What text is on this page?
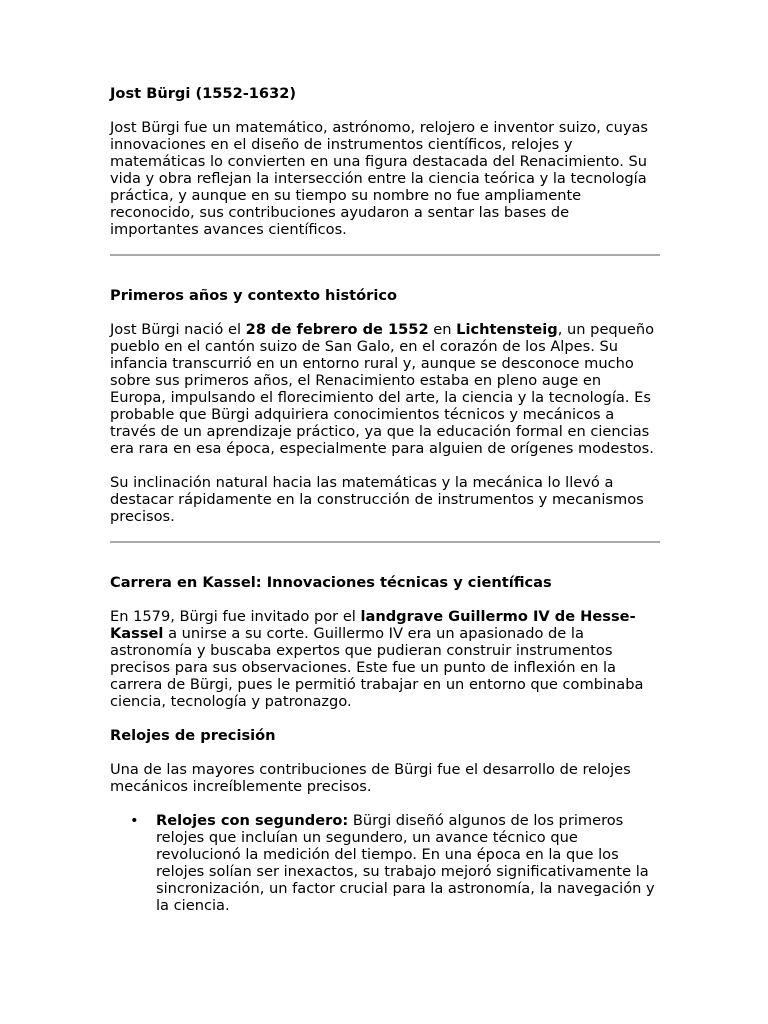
Jost Bürgi (1552-1632)

Jost Bürgi fue un matemático, astrónomo, relojero e inventor suizo, cuyas innovaciones en el diseño de instrumentos científicos, relojes y matemáticas lo convierten en una figura destacada del Renacimiento. Su vida y obra reflejan la intersección entre la ciencia teórica y la tecnología práctica, y aunque en su tiempo su nombre no fue ampliamente reconocido, sus contribuciones ayudaron a sentar las bases de importantes avances científicos.

Primeros años y contexto histórico

Jost Bürgi nació el 28 de febrero de 1552 en Lichtensteig, un pequeño pueblo en el cantón suizo de San Galo, en el corazón de los Alpes. Su infancia transcurrió en un entorno rural y, aunque se desconoce mucho sobre sus primeros años, el Renacimiento estaba en pleno auge en Europa, impulsando el florecimiento del arte, la ciencia y la tecnología. Es probable que Bürgi adquiriera conocimientos técnicos y mecánicos a través de un aprendizaje práctico, ya que la educación formal en ciencias era rara en esa época, especialmente para alguien de orígenes modestos.

Su inclinación natural hacia las matemáticas y la mecánica lo llevó a destacar rápidamente en la construcción de instrumentos y mecanismos precisos.

Carrera en Kassel: Innovaciones técnicas y científicas

En 1579, Bürgi fue invitado por el landgrave Guillermo IV de Hesse-Kassel a unirse a su corte. Guillermo IV era un apasionado de la astronomía y buscaba expertos que pudieran construir instrumentos precisos para sus observaciones. Este fue un punto de inflexión en la carrera de Bürgi, pues le permitió trabajar en un entorno que combinaba ciencia, tecnología y patronazgo.

Relojes de precisión

Una de las mayores contribuciones de Bürgi fue el desarrollo de relojes mecánicos increíblemente precisos.

• Relojes con segundero: Bürgi diseñó algunos de los primeros relojes que incluían un segundero, un avance técnico que revolucionó la medición del tiempo. En una época en la que los relojes solían ser inexactos, su trabajo mejoró significativamente la sincronización, un factor crucial para la astronomía, la navegación y la ciencia.
